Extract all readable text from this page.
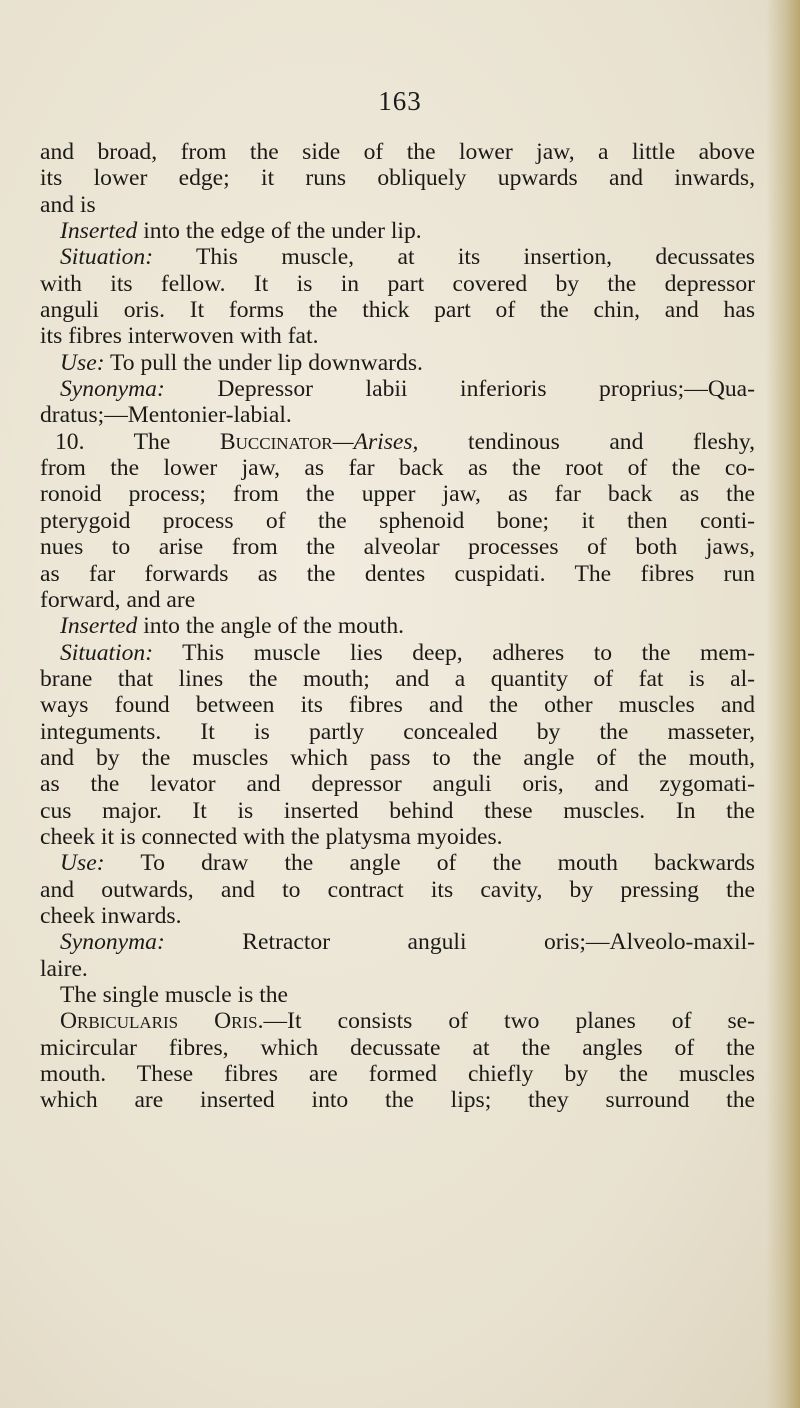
163

and broad, from the side of the lower jaw, a little above
its lower edge; it runs obliquely upwards and inwards,
and is
Inserted into the edge of the under lip.
Situation: This muscle, at its insertion, decussates
with its fellow. It is in part covered by the depressor
anguli oris. It forms the thick part of the chin, and has
its fibres interwoven with fat.
Use: To pull the under lip downwards.
Synonyma: Depressor labii inferioris proprius;—Qua-
dratus;—Mentonier-labial.
10. The Buccinator—Arises, tendinous and fleshy,
from the lower jaw, as far back as the root of the co-
ronoid process; from the upper jaw, as far back as the
pterygoid process of the sphenoid bone; it then conti-
nues to arise from the alveolar processes of both jaws,
as far forwards as the dentes cuspidati. The fibres run
forward, and are
Inserted into the angle of the mouth.
Situation: This muscle lies deep, adheres to the mem-
brane that lines the mouth; and a quantity of fat is al-
ways found between its fibres and the other muscles and
integuments. It is partly concealed by the masseter,
and by the muscles which pass to the angle of the mouth,
as the levator and depressor anguli oris, and zygomati-
cus major. It is inserted behind these muscles. In the
cheek it is connected with the platysma myoides.
Use: To draw the angle of the mouth backwards
and outwards, and to contract its cavity, by pressing the
cheek inwards.
Synonyma: Retractor anguli oris;—Alveolo-maxil-
laire.
The single muscle is the
Orbicularis Oris.—It consists of two planes of se-
micircular fibres, which decussate at the angles of the
mouth. These fibres are formed chiefly by the muscles
which are inserted into the lips; they surround the
